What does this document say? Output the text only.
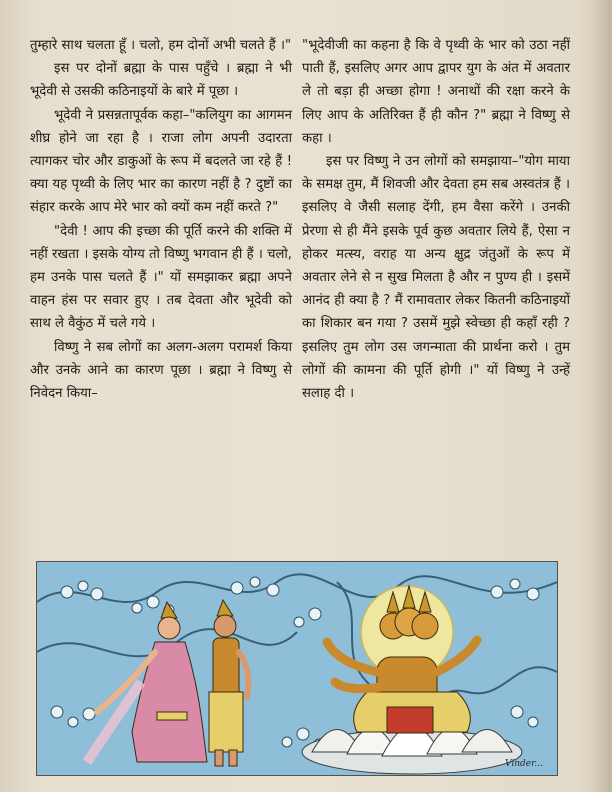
तुम्हारे साथ चलता हूँ । चलो, हम दोनों अभी चलते हैं ।"

इस पर दोनों ब्रह्मा के पास पहुँचे । ब्रह्मा ने भी भूदेवी से उसकी कठिनाइयों के बारे में पूछा ।

भूदेवी ने प्रसन्नतापूर्वक कहा–"कलियुग का आगमन शीघ्र होने जा रहा है । राजा लोग अपनी उदारता त्यागकर चोर और डाकुओं के रूप में बदलते जा रहे हैं ! क्या यह पृथ्वी के लिए भार का कारण नहीं है ? दुष्टों का संहार करके आप मेरे भार को क्यों कम नहीं करते ?"

"देवी ! आप की इच्छा की पूर्ति करने की शक्ति में नहीं रखता । इसके योग्य तो विष्णु भगवान ही हैं । चलो, हम उनके पास चलते हैं ।" यों समझाकर ब्रह्मा अपने वाहन हंस पर सवार हुए । तब देवता और भूदेवी को साथ ले वैकुंठ में चले गये ।

विष्णु ने सब लोगों का अलग-अलग परामर्श किया और उनके आने का कारण पूछा । ब्रह्मा ने विष्णु से निवेदन किया–

"भूदेवीजी का कहना है कि वे पृथ्वी के भार को उठा नहीं पाती हैं, इसलिए अगर आप द्वापर युग के अंत में अवतार ले तो बड़ा ही अच्छा होगा ! अनाथों की रक्षा करने के लिए आप के अतिरिक्त हैं ही कौन ?" ब्रह्मा ने विष्णु से कहा ।

इस पर विष्णु ने उन लोगों को समझाया–"योग माया के समक्ष तुम, मैं शिवजी और देवता हम सब अस्वतंत्र हैं । इसलिए वे जैसी सलाह देंगी, हम वैसा करेंगे । उनकी प्रेरणा से ही मैंने इसके पूर्व कुछ अवतार लिये हैं, ऐसा न होकर मत्स्य, वराह या अन्य क्षुद्र जंतुओं के रूप में अवतार लेने से न सुख मिलता है और न पुण्य ही । इसमें आनंद ही क्या है ? मैं रामावतार लेकर कितनी कठिनाइयों का शिकार बन गया ? उसमें मुझे स्वेच्छा ही कहाँ रही ? इसलिए तुम लोग उस जगन्माता की प्रार्थना करो । तुम लोगों की कामना की पूर्ति होगी ।" यों विष्णु ने उन्हें सलाह दी ।

Vinder...
